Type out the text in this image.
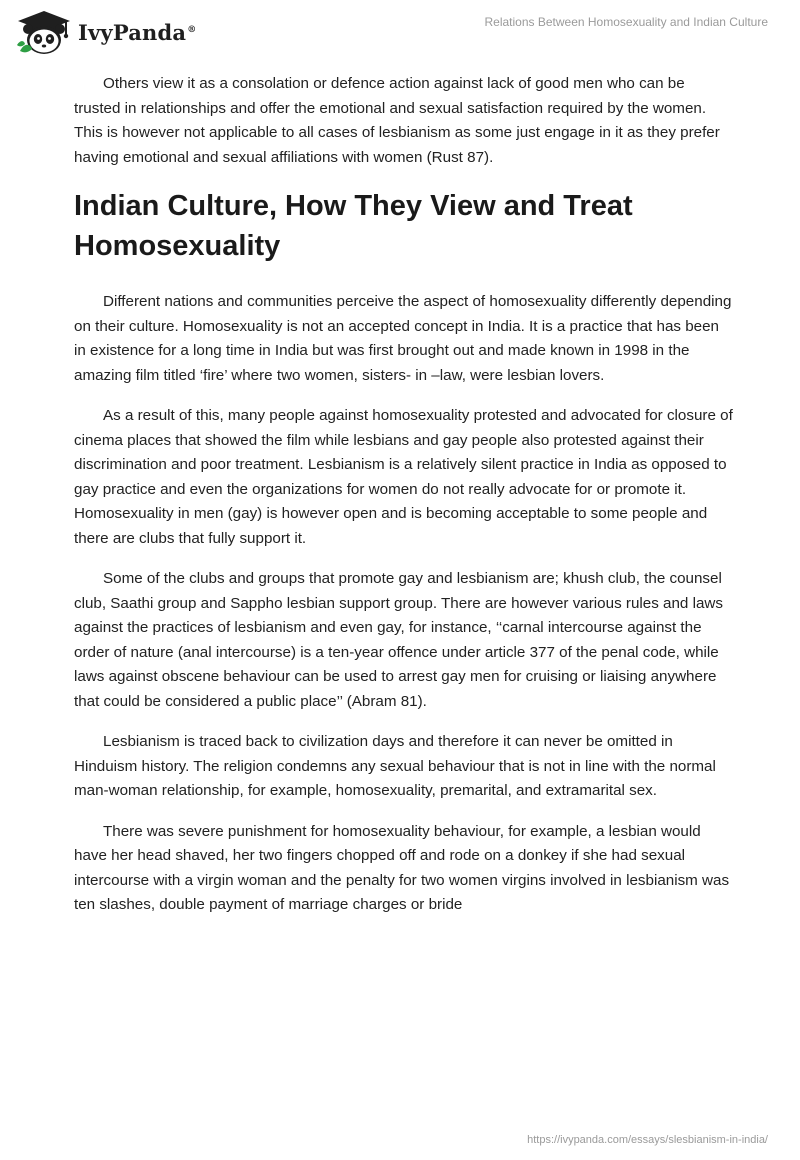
IvyPanda®
Relations Between Homosexuality and Indian Culture

Others view it as a consolation or defence action against lack of good men who can be trusted in relationships and offer the emotional and sexual satisfaction required by the women. This is however not applicable to all cases of lesbianism as some just engage in it as they prefer having emotional and sexual affiliations with women (Rust 87).

Indian Culture, How They View and Treat Homosexuality

Different nations and communities perceive the aspect of homosexuality differently depending on their culture. Homosexuality is not an accepted concept in India. It is a practice that has been in existence for a long time in India but was first brought out and made known in 1998 in the amazing film titled ‘fire’ where two women, sisters- in –law, were lesbian lovers.

As a result of this, many people against homosexuality protested and advocated for closure of cinema places that showed the film while lesbians and gay people also protested against their discrimination and poor treatment. Lesbianism is a relatively silent practice in India as opposed to gay practice and even the organizations for women do not really advocate for or promote it. Homosexuality in men (gay) is however open and is becoming acceptable to some people and there are clubs that fully support it.

Some of the clubs and groups that promote gay and lesbianism are; khush club, the counsel club, Saathi group and Sappho lesbian support group. There are however various rules and laws against the practices of lesbianism and even gay, for instance, ‘‘carnal intercourse against the order of nature (anal intercourse) is a ten-year offence under article 377 of the penal code, while laws against obscene behaviour can be used to arrest gay men for cruising or liaising anywhere that could be considered a public place’’ (Abram 81).

Lesbianism is traced back to civilization days and therefore it can never be omitted in Hinduism history. The religion condemns any sexual behaviour that is not in line with the normal man-woman relationship, for example, homosexuality, premarital, and extramarital sex.

There was severe punishment for homosexuality behaviour, for example, a lesbian would have her head shaved, her two fingers chopped off and rode on a donkey if she had sexual intercourse with a virgin woman and the penalty for two women virgins involved in lesbianism was ten slashes, double payment of marriage charges or bride

https://ivypanda.com/essays/slesbianism-in-india/
